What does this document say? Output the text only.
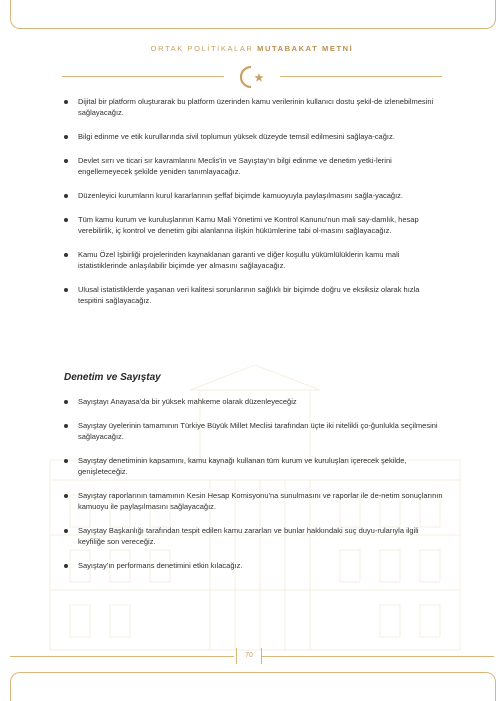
ORTAK POLİTİKALAR MUTABAKAT METNİ
Dijital bir platform oluşturarak bu platform üzerinden kamu verilerinin kullanıcı dostu şekil-de izlenebilmesini sağlayacağız.
Bilgi edinme ve etik kurullarında sivil toplumun yüksek düzeyde temsil edilmesini sağlaya-cağız.
Devlet sırrı ve ticari sır kavramlarını Meclis'in ve Sayıştay'ın bilgi edinme ve denetim yetki-lerini engellemeyecek şekilde yeniden tanımlayacağız.
Düzenleyici kurumların kurul kararlarının şeffaf biçimde kamuoyuyla paylaşılmasını sağla-yacağız.
Tüm kamu kurum ve kuruluşlarının Kamu Mali Yönetimi ve Kontrol Kanunu'nun mali say-damlık, hesap verebilirlik, iç kontrol ve denetim gibi alanlarına ilişkin hükümlerine tabi ol-masını sağlayacağız.
Kamu Özel İşbirliği projelerinden kaynaklanan garanti ve diğer koşullu yükümlülüklerin kamu mali istatistiklerinde anlaşılabilir biçimde yer almasını sağlayacağız.
Ulusal istatistiklerde yaşanan veri kalitesi sorunlarının sağlıklı bir biçimde doğru ve eksiksiz olarak hızla tespitini sağlayacağız.
Denetim ve Sayıştay
Sayıştayı Anayasa'da bir yüksek mahkeme olarak düzenleyeceğiz
Sayıştay üyelerinin tamamının Türkiye Büyük Millet Meclisi tarafından üçte iki nitelikli ço-ğunlukla seçilmesini sağlayacağız.
Sayıştay denetiminin kapsamını, kamu kaynağı kullanan tüm kurum ve kuruluşları içerecek şekilde, genişleteceğiz.
Sayıştay raporlarının tamamının Kesin Hesap Komisyonu'na sunulmasını ve raporlar ile de-netim sonuçlarının kamuoyu ile paylaşılmasını sağlayacağız.
Sayıştay Başkanlığı tarafından tespit edilen kamu zararları ve bunlar hakkındaki suç duyu-rularıyla ilgili keyfiliğe son vereceğiz.
Sayıştay'ın performans denetimini etkin kılacağız.
70
